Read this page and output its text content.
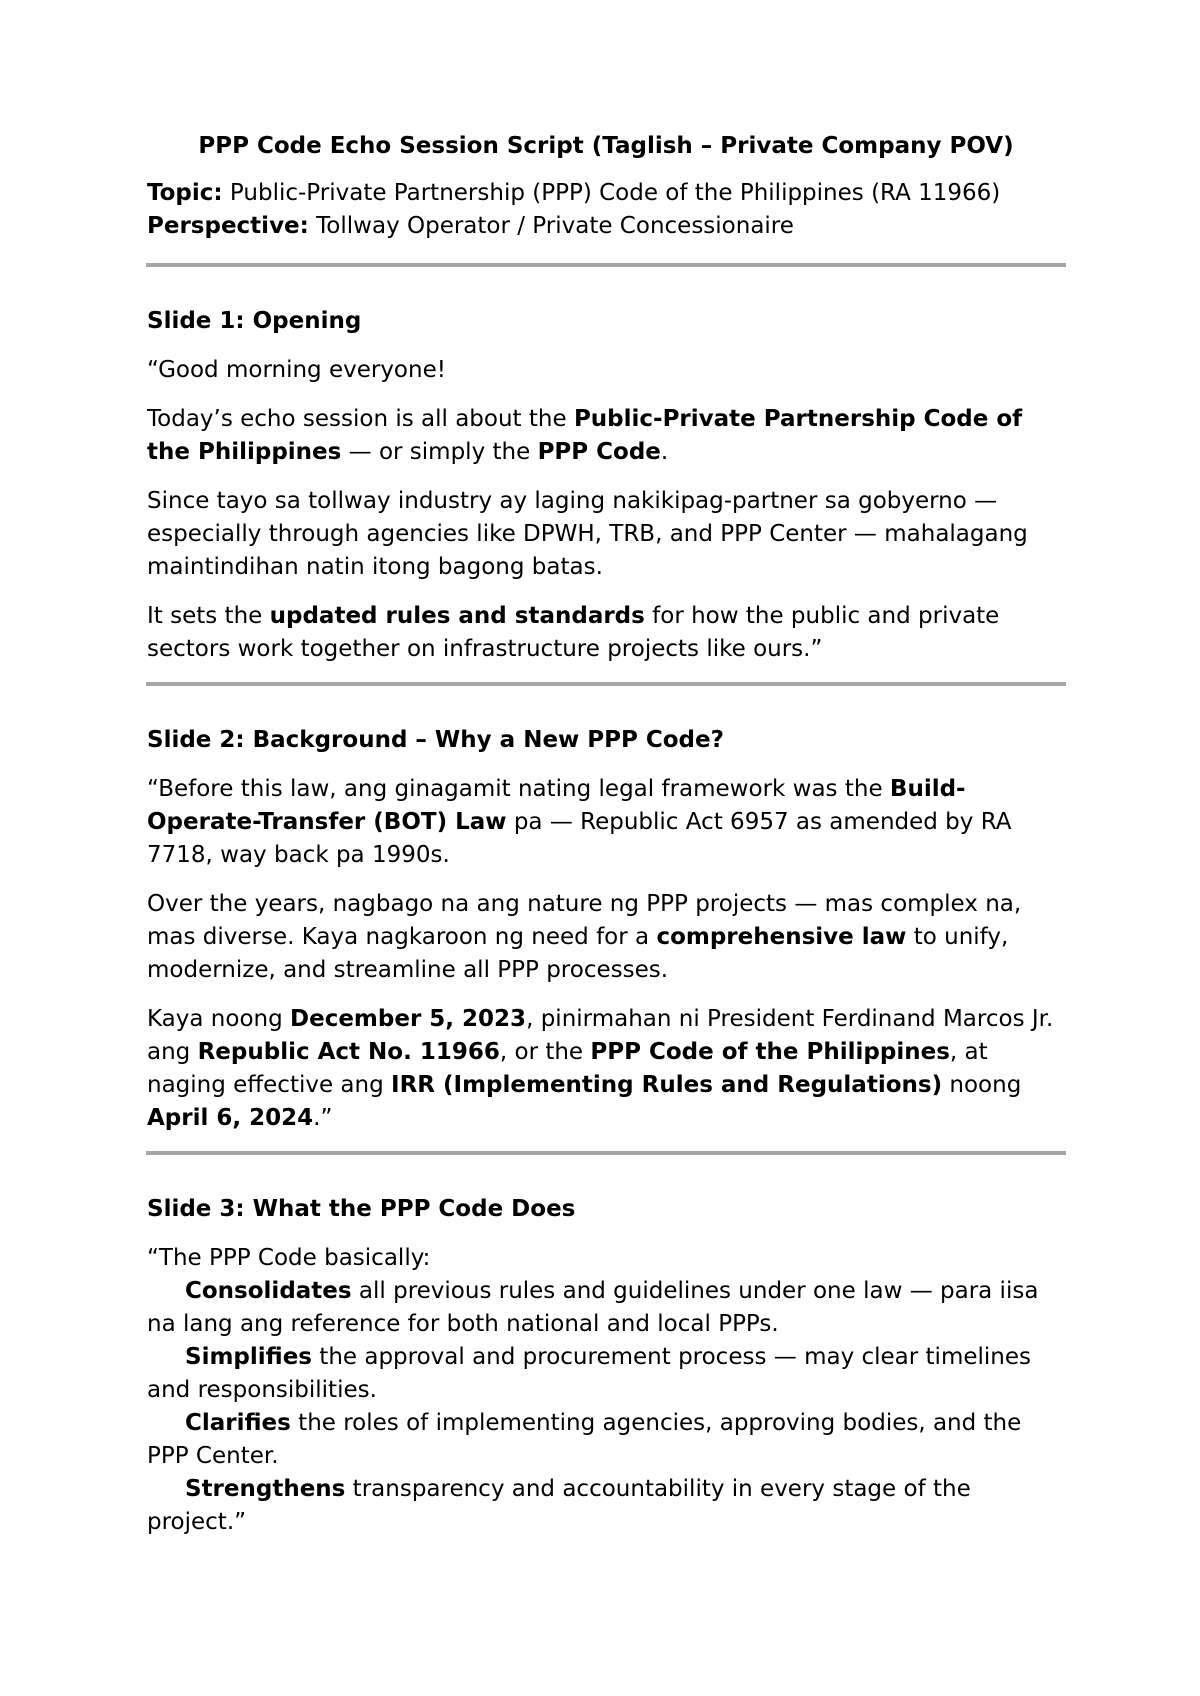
PPP Code Echo Session Script (Taglish – Private Company POV)

Topic: Public-Private Partnership (PPP) Code of the Philippines (RA 11966)

Perspective: Tollway Operator / Private Concessionaire

Slide 1: Opening

“Good morning everyone!

Today’s echo session is all about the Public-Private Partnership Code of the Philippines — or simply the PPP Code.

Since tayo sa tollway industry ay laging nakikipag-partner sa gobyerno — especially through agencies like DPWH, TRB, and PPP Center — mahalagang maintindihan natin itong bagong batas.

It sets the updated rules and standards for how the public and private sectors work together on infrastructure projects like ours.”

Slide 2: Background – Why a New PPP Code?

“Before this law, ang ginagamit nating legal framework was the Build-Operate-Transfer (BOT) Law pa — Republic Act 6957 as amended by RA 7718, way back pa 1990s.

Over the years, nagbago na ang nature ng PPP projects — mas complex na, mas diverse. Kaya nagkaroon ng need for a comprehensive law to unify, modernize, and streamline all PPP processes.

Kaya noong December 5, 2023, pinirmahan ni President Ferdinand Marcos Jr. ang Republic Act No. 11966, or the PPP Code of the Philippines, at naging effective ang IRR (Implementing Rules and Regulations) noong April 6, 2024.”

Slide 3: What the PPP Code Does

“The PPP Code basically:

Consolidates all previous rules and guidelines under one law — para iisa na lang ang reference for both national and local PPPs.

Simplifies the approval and procurement process — may clear timelines and responsibilities.

Clarifies the roles of implementing agencies, approving bodies, and the PPP Center.

Strengthens transparency and accountability in every stage of the project.”
